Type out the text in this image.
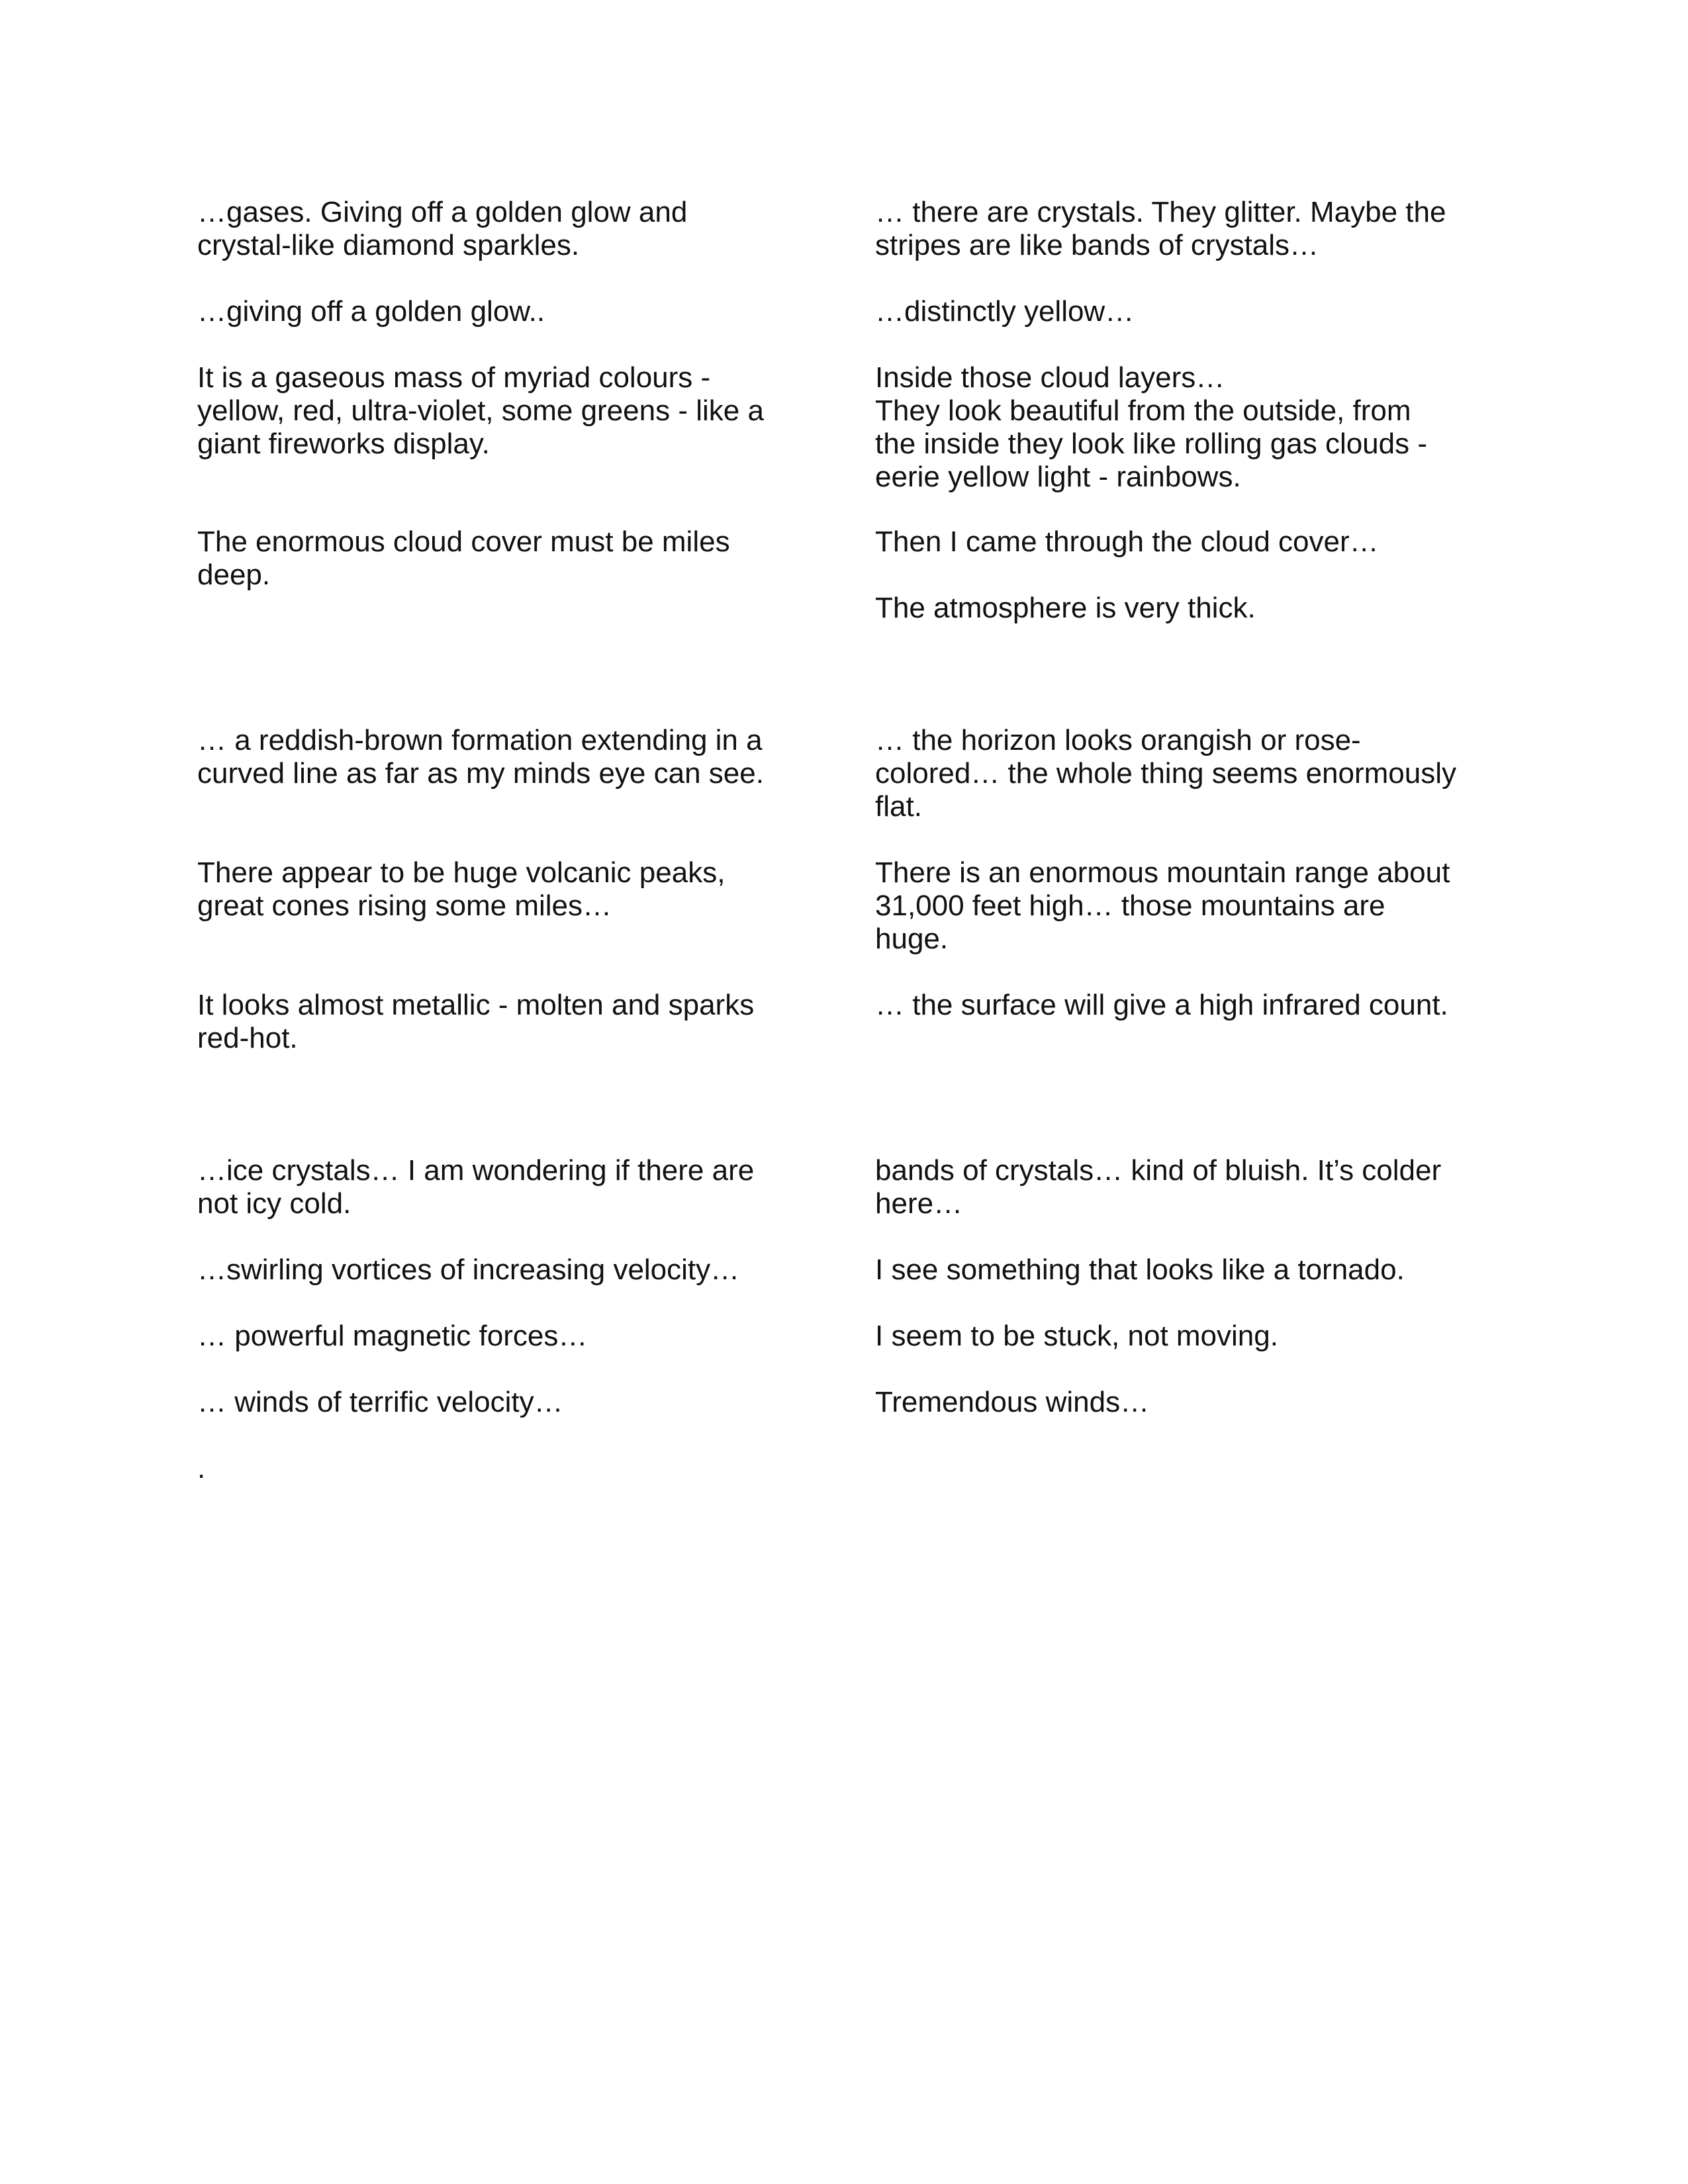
…gases. Giving off a golden glow and
crystal-like diamond sparkles.

…giving off a golden glow..

It is a gaseous mass of myriad colours -
yellow, red, ultra-violet, some greens - like a
giant fireworks display.

The enormous cloud cover must be miles
deep.

… a reddish-brown formation extending in a
curved line as far as my minds eye can see.

There appear to be huge volcanic peaks,
great cones rising some miles…

It looks almost metallic - molten and sparks
red-hot.

…ice crystals… I am wondering if there are
not icy cold.

…swirling vortices of increasing velocity…

… powerful magnetic forces…

… winds of terrific velocity…

.

… there are crystals. They glitter. Maybe the
stripes are like bands of crystals…

…distinctly yellow…

Inside those cloud layers…
They look beautiful from the outside, from
the inside they look like rolling gas clouds -
eerie yellow light - rainbows.

Then I came through the cloud cover…

The atmosphere is very thick.

… the horizon looks orangish or rose-
colored… the whole thing seems enormously
flat.

There is an enormous mountain range about
31,000 feet high… those mountains are
huge.

… the surface will give a high infrared count.

bands of crystals… kind of bluish. It’s colder
here…

I see something that looks like a tornado.

I seem to be stuck, not moving.

Tremendous winds…
